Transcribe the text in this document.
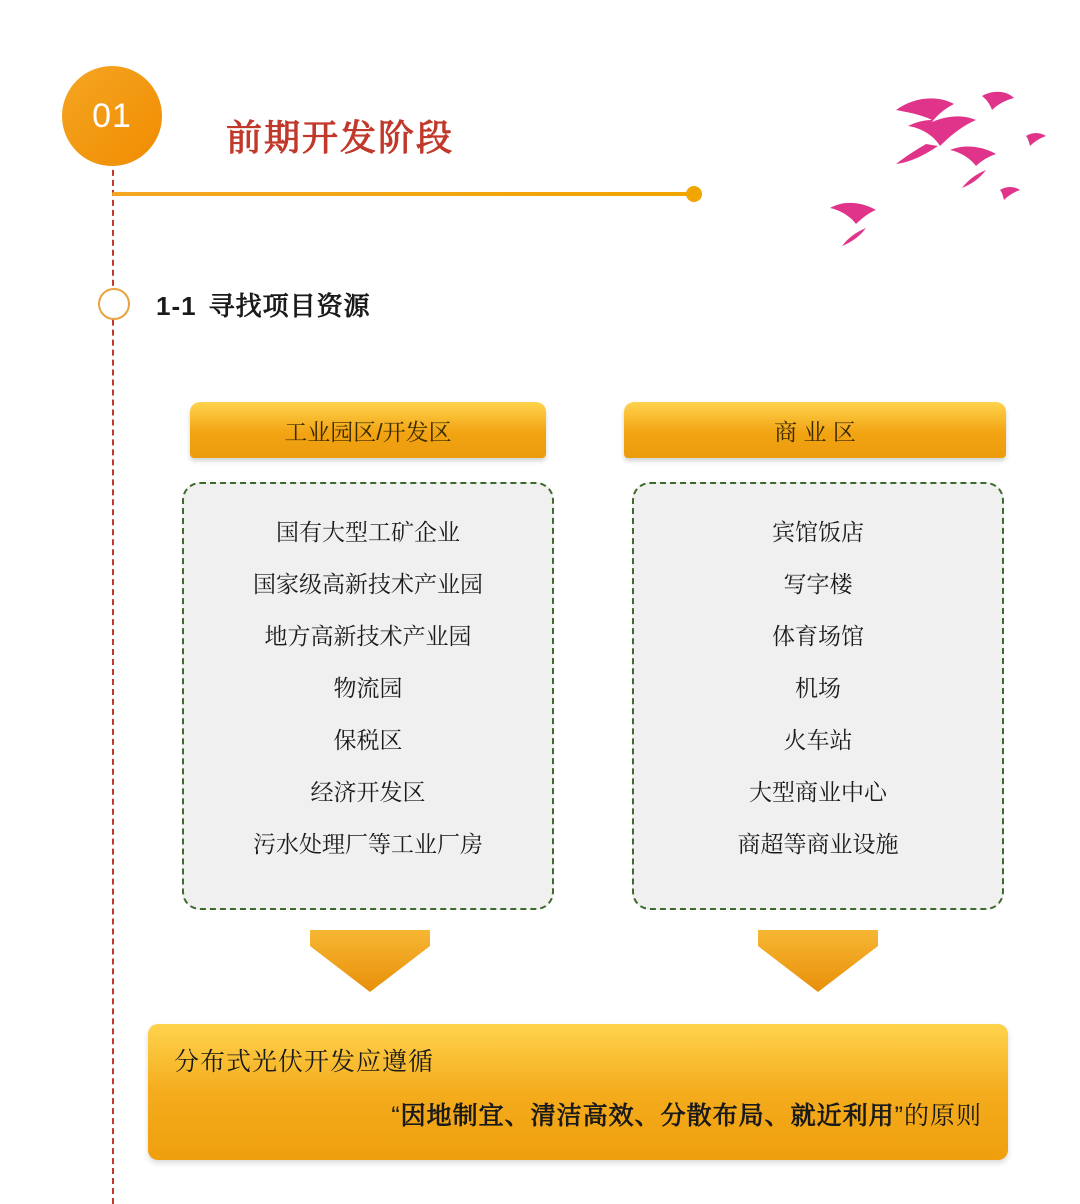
01
前期开发阶段
1-1 寻找项目资源
工业园区/开发区	商 业 区
国有大型工矿企业
国家级高新技术产业园
地方高新技术产业园
物流园
保税区
经济开发区
污水处理厂等工业厂房
宾馆饭店
写字楼
体育场馆
机场
火车站
大型商业中心
商超等商业设施
分布式光伏开发应遵循
“因地制宜、清洁高效、分散布局、就近利用”的原则
